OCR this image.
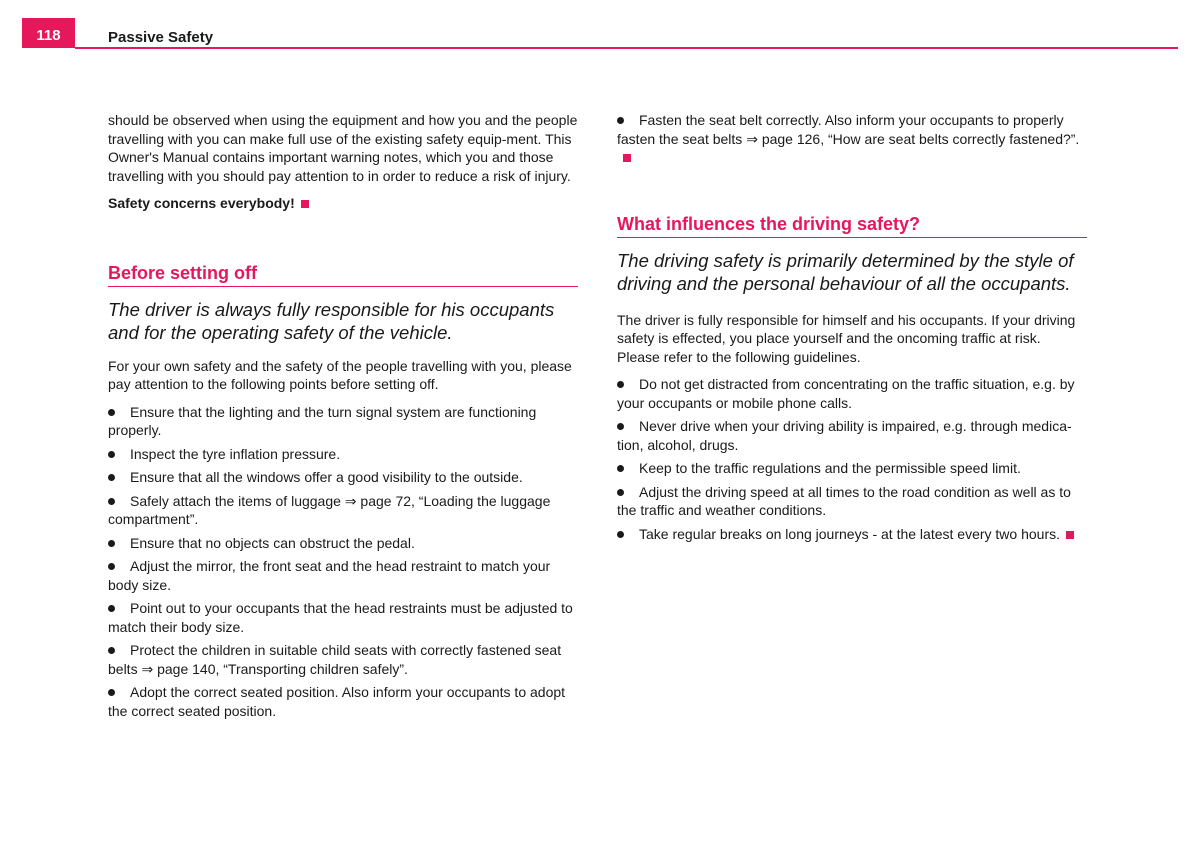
118	Passive Safety

should be observed when using the equipment and how you and the people travelling with you can make full use of the existing safety equip-ment. This Owner's Manual contains important warning notes, which you and those travelling with you should pay attention to in order to reduce a risk of injury.

Safety concerns everybody!

Before setting off

The driver is always fully responsible for his occupants and for the operating safety of the vehicle.

For your own safety and the safety of the people travelling with you, please pay attention to the following points before setting off.

Ensure that the lighting and the turn signal system are functioning properly.
Inspect the tyre inflation pressure.
Ensure that all the windows offer a good visibility to the outside.
Safely attach the items of luggage ⇒ page 72, “Loading the luggage compartment”.
Ensure that no objects can obstruct the pedal.
Adjust the mirror, the front seat and the head restraint to match your body size.
Point out to your occupants that the head restraints must be adjusted to match their body size.
Protect the children in suitable child seats with correctly fastened seat belts ⇒ page 140, “Transporting children safely”.
Adopt the correct seated position. Also inform your occupants to adopt the correct seated position.
Fasten the seat belt correctly. Also inform your occupants to properly fasten the seat belts ⇒ page 126, “How are seat belts correctly fastened?”.
What influences the driving safety?

The driving safety is primarily determined by the style of driving and the personal behaviour of all the occupants.

The driver is fully responsible for himself and his occupants. If your driving safety is effected, you place yourself and the oncoming traffic at risk. Please refer to the following guidelines.

Do not get distracted from concentrating on the traffic situation, e.g. by your occupants or mobile phone calls.
Never drive when your driving ability is impaired, e.g. through medica-tion, alcohol, drugs.
Keep to the traffic regulations and the permissible speed limit.
Adjust the driving speed at all times to the road condition as well as to the traffic and weather conditions.
Take regular breaks on long journeys - at the latest every two hours.
